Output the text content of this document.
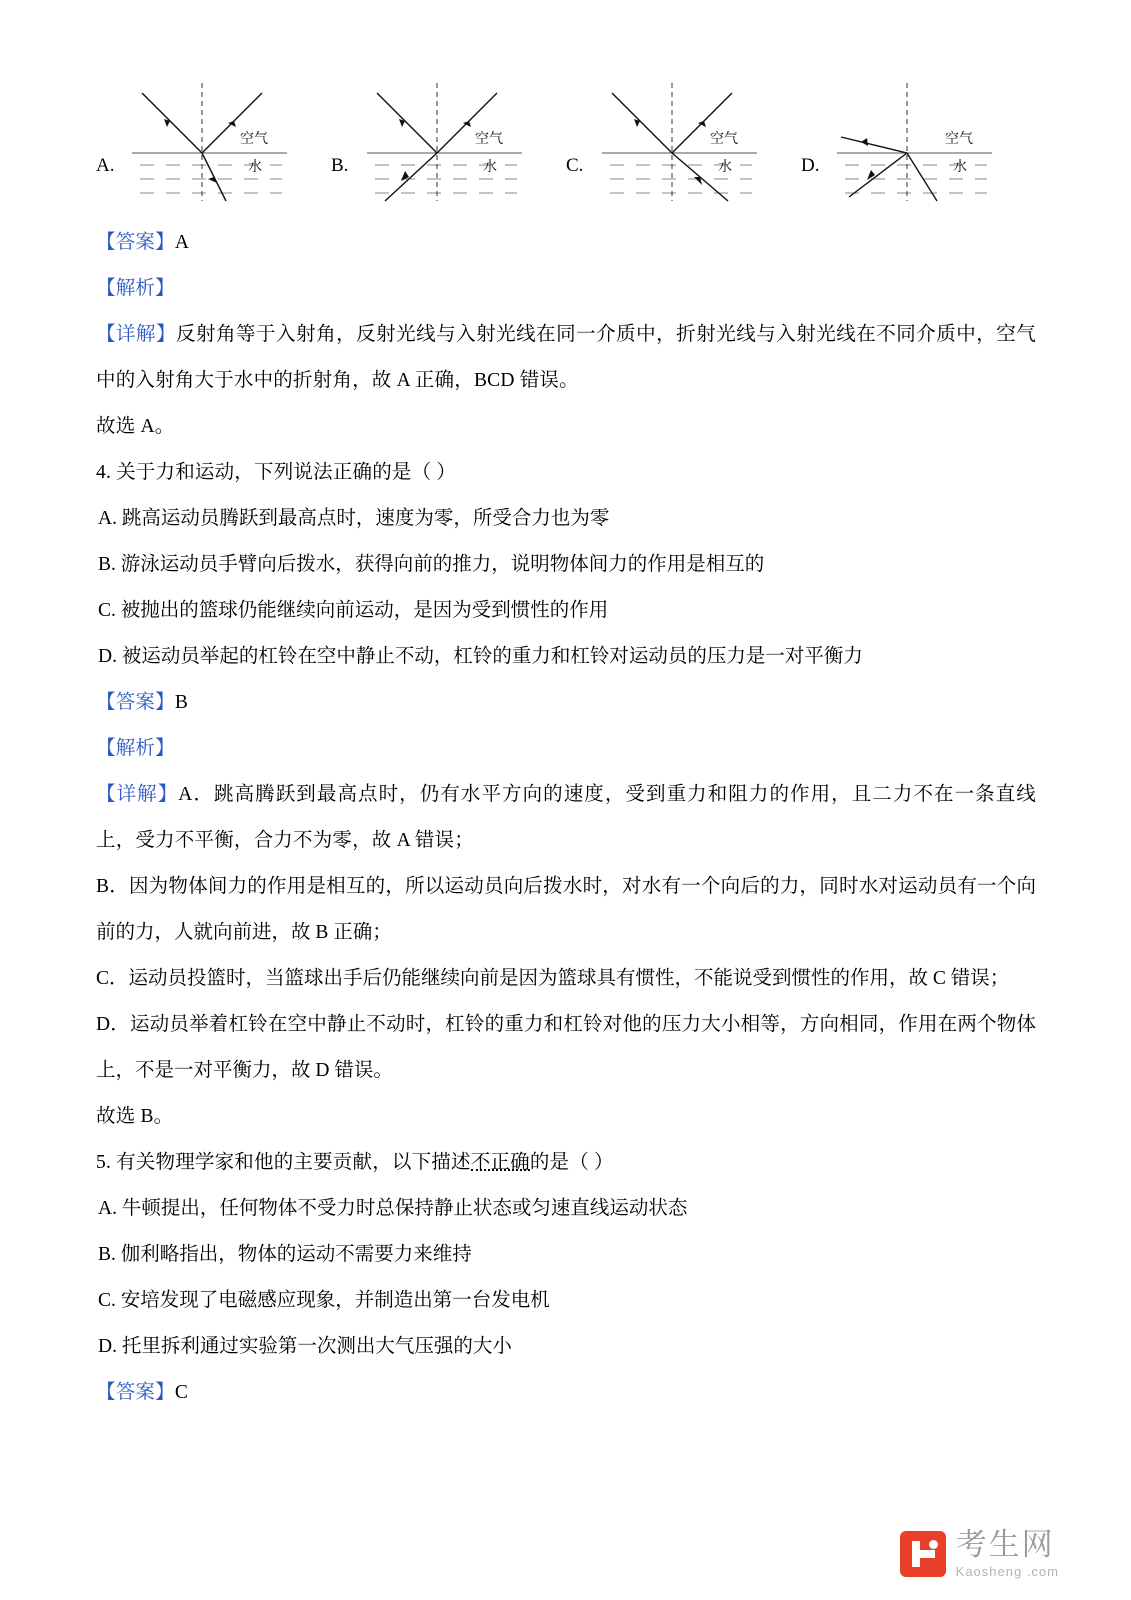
A.
空气
水	B.
空气
水	C.
空气
水	D.
空气
水
【答案】A
【解析】
【详解】反射角等于入射角，反射光线与入射光线在同一介质中，折射光线与入射光线在不同介质中，空气中的入射角大于水中的折射角，故 A 正确，BCD 错误。
故选 A。
4. 关于力和运动，下列说法正确的是（ ）
A. 跳高运动员腾跃到最高点时，速度为零，所受合力也为零
B. 游泳运动员手臂向后拨水，获得向前的推力，说明物体间力的作用是相互的
C. 被抛出的篮球仍能继续向前运动，是因为受到惯性的作用
D. 被运动员举起的杠铃在空中静止不动，杠铃的重力和杠铃对运动员的压力是一对平衡力
【答案】B
【解析】
【详解】A．跳高腾跃到最高点时，仍有水平方向的速度，受到重力和阻力的作用，且二力不在一条直线上，受力不平衡，合力不为零，故 A 错误；
B．因为物体间力的作用是相互的，所以运动员向后拨水时，对水有一个向后的力，同时水对运动员有一个向前的力，人就向前进，故 B 正确；
C．运动员投篮时，当篮球出手后仍能继续向前是因为篮球具有惯性，不能说受到惯性的作用，故 C 错误；
D．运动员举着杠铃在空中静止不动时，杠铃的重力和杠铃对他的压力大小相等，方向相同，作用在两个物体上，不是一对平衡力，故 D 错误。
故选 B。
5. 有关物理学家和他的主要贡献，以下描述不正确的是（ ）
A. 牛顿提出，任何物体不受力时总保持静止状态或匀速直线运动状态
B. 伽利略指出，物体的运动不需要力来维持
C. 安培发现了电磁感应现象，并制造出第一台发电机
D. 托里拆利通过实验第一次测出大气压强的大小
【答案】C
考生网
Kaosheng .com
